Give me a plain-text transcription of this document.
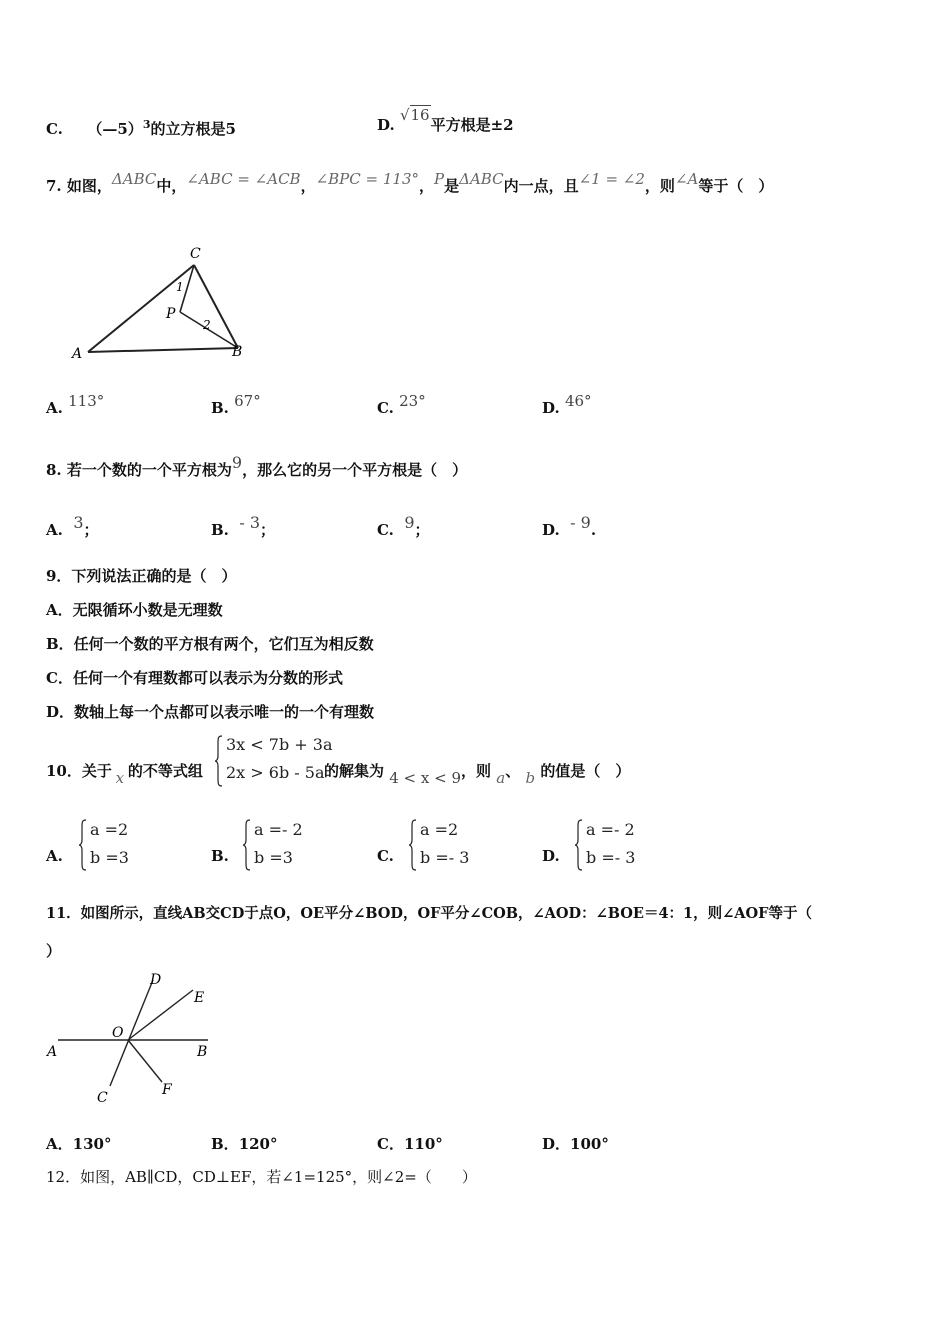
C. （—5）$^3$的立方根是5	D. √16平方根是±2
7. 如图，ΔABC中，∠ABC = ∠ACB，∠BPC = 113°，P是ΔABC内一点，且∠1 = ∠2，则∠A等于（　）
C
A	B
P
1
2
A. 113°	B. 67°	C. 23°	D. 46°
8. 若一个数的一个平方根为9，那么它的另一个平方根是（　）
A. 3；	B. - 3；	C. 9；	D. - 9.
9．下列说法正确的是（　）
A．无限循环小数是无理数
B．任何一个数的平方根有两个，它们互为相反数
C．任何一个有理数都可以表示为分数的形式
D．数轴上每一个点都可以表示唯一的一个有理数
10．关于 x 的不等式组
3x < 7b + 3a
2x > 6b - 5a 的解集为 4 < x < 9，则 a、 b 的值是（　）
A.
a =2
b =3	B.
a =- 2
b =3	C.
a =2
b =- 3	D.
a =- 2
b =- 3
11．如图所示，直线AB交CD于点O，OE平分∠BOD，OF平分∠COB，∠AOD：∠BOE＝4：1，则∠AOF等于（
）
A	B
C
D
E
F
O
A．130°	B．120°	C．110°	D．100°
12．如图，AB∥CD，CD⊥EF，若∠1=125°，则∠2=（　　）
